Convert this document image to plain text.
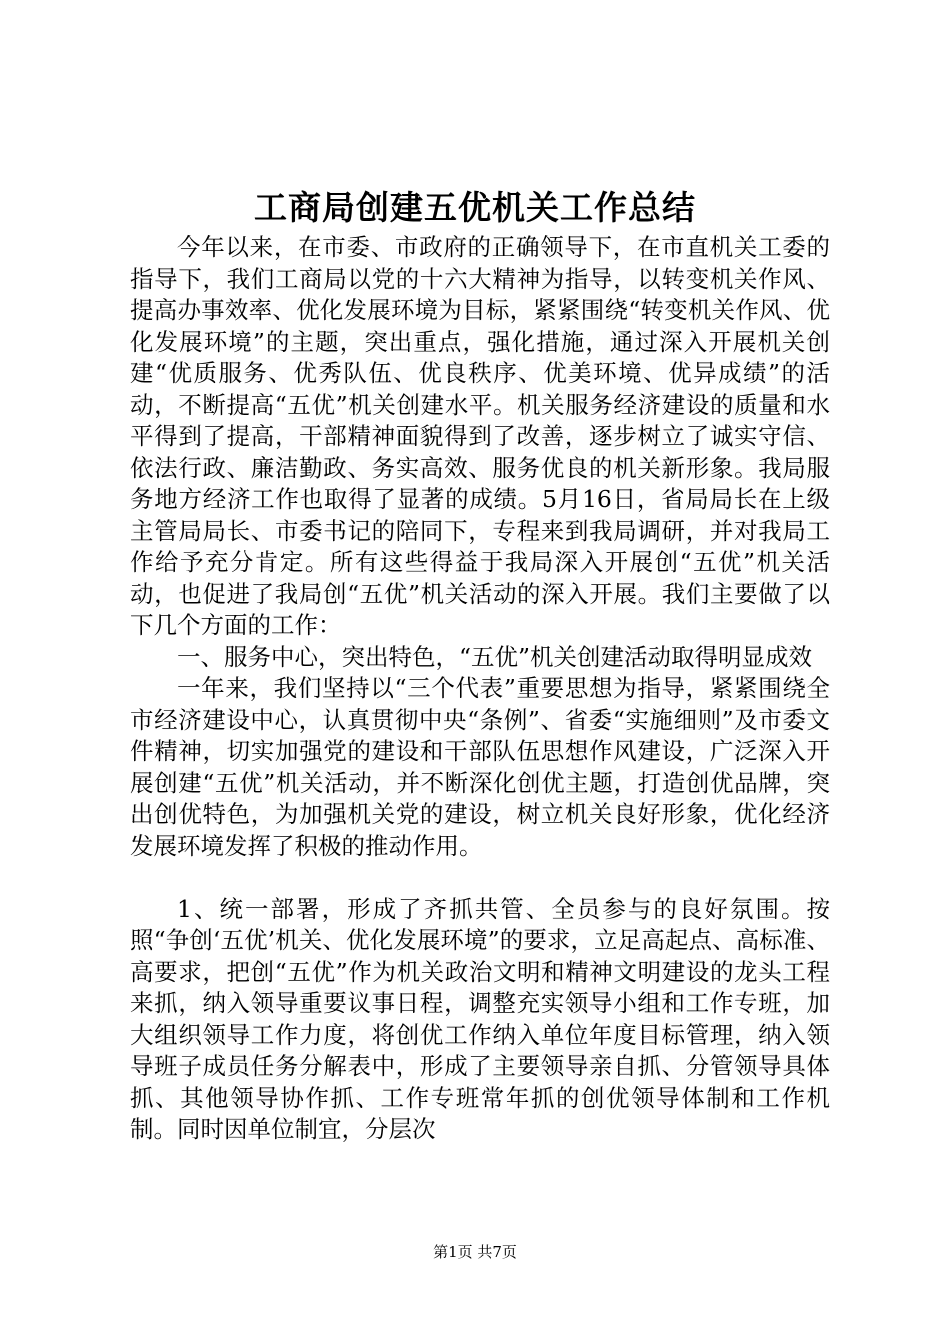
工商局创建五优机关工作总结

今年以来，在市委、市政府的正确领导下，在市直机关工委的指导下，我们工商局以党的十六大精神为指导，以转变机关作风、提高办事效率、优化发展环境为目标，紧紧围绕“转变机关作风、优化发展环境”的主题，突出重点，强化措施，通过深入开展机关创建“优质服务、优秀队伍、优良秩序、优美环境、优异成绩”的活动，不断提高“五优”机关创建水平。机关服务经济建设的质量和水平得到了提高，干部精神面貌得到了改善，逐步树立了诚实守信、依法行政、廉洁勤政、务实高效、服务优良的机关新形象。我局服务地方经济工作也取得了显著的成绩。5月16日，省局局长在上级主管局局长、市委书记的陪同下，专程来到我局调研，并对我局工作给予充分肯定。所有这些得益于我局深入开展创“五优”机关活动，也促进了我局创“五优”机关活动的深入开展。我们主要做了以下几个方面的工作：

一、服务中心，突出特色，“五优”机关创建活动取得明显成效

一年来，我们坚持以“三个代表”重要思想为指导，紧紧围绕全市经济建设中心，认真贯彻中央“条例”、省委“实施细则”及市委文件精神，切实加强党的建设和干部队伍思想作风建设，广泛深入开展创建“五优”机关活动，并不断深化创优主题，打造创优品牌，突出创优特色，为加强机关党的建设，树立机关良好形象，优化经济发展环境发挥了积极的推动作用。

1、统一部署，形成了齐抓共管、全员参与的良好氛围。按照“争创‘五优’机关、优化发展环境”的要求，立足高起点、高标准、高要求，把创“五优”作为机关政治文明和精神文明建设的龙头工程来抓，纳入领导重要议事日程，调整充实领导小组和工作专班，加大组织领导工作力度，将创优工作纳入单位年度目标管理，纳入领导班子成员任务分解表中，形成了主要领导亲自抓、分管领导具体抓、其他领导协作抓、工作专班常年抓的创优领导体制和工作机制。同时因单位制宜，分层次

第1页 共7页
